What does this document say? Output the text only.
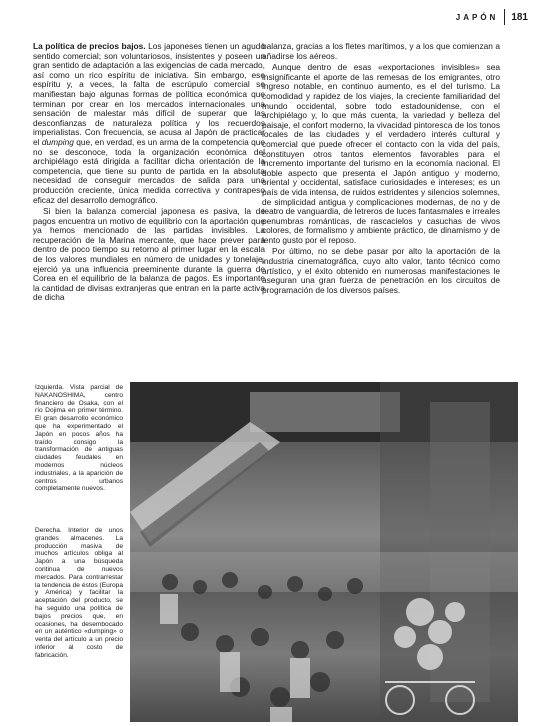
JAPÓN 181

La política de precios bajos. Los japoneses tienen un agudo sentido comercial; son voluntariosos, insistentes y poseen un gran sentido de adaptación a las exigencias de cada mercado, así como un rico espíritu de iniciativa. Sin embargo, ese espíritu y, a veces, la falta de escrúpulo comercial se manifiestan bajo algunas formas de política económica que terminan por crear en los mercados internacionales una sensación de malestar más difícil de superar que las desconfianzas de naturaleza política y los recuerdos imperialistas. Con frecuencia, se acusa al Japón de practicar el dumping que, en verdad, es un arma de la competencia que no se desconoce, toda la organización económica del archipiélago está dirigida a facilitar dicha orientación de la competencia, que tiene su punto de partida en la absoluta necesidad de conseguir mercados de salida para una producción creciente, única medida correctiva y contrapeso eficaz del desarrollo demográfico.

Si bien la balanza comercial japonesa es pasiva, la de pagos encuentra un motivo de equilibrio con la aportación que ya hemos mencionado de las partidas invisibles. La recuperación de la Marina mercante, que hace prever para dentro de poco tiempo su retorno al primer lugar en la escala de los valores mundiales en número de unidades y tonelaje, ejerció ya una influencia preeminente durante la guerra de Corea en el equilibrio de la balanza de pagos. Es importante la cantidad de divisas extranjeras que entran en la parte activa de dicha

balanza, gracias a los fletes marítimos, y a los que comienzan a añadirse los aéreos.

Aunque dentro de esas «exportaciones invisibles» sea insignificante el aporte de las remesas de los emigrantes, otro ingreso notable, en continuo aumento, es el del turismo. La comodidad y rapidez de los viajes, la creciente familiaridad del mundo occidental, sobre todo estadounidense, con el archipiélago y, lo que más cuenta, la variedad y belleza del paisaje, el confort moderno, la vivacidad pintoresca de los tonos locales de las ciudades y el verdadero interés cultural y comercial que puede ofrecer el contacto con la vida del país, constituyen otros tantos elementos favorables para el incremento importante del turismo en la economía nacional. El doble aspecto que presenta el Japón antiguo y moderno, oriental y occidental, satisface curiosidades e intereses; es un país de vida intensa, de ruidos estridentes y silencios solemnes, de simplicidad antigua y complicaciones modernas, de no y de teatro de vanguardia, de letreros de luces fantasmales e irreales penumbras románticas, de rascacielos y casuchas de vivos colores, de formalismo y ambiente práctico, de dinamismo y de lento gusto por el reposo.

Por último, no se debe pasar por alto la aportación de la industria cinematográfica, cuyo alto valor, tanto técnico como artístico, y el éxito obtenido en numerosas manifestaciones le aseguran una gran fuerza de penetración en los circuitos de programación de los diversos países.

Izquierda. Vista parcial de NAKANOSHIMA, centro financiero de Osaka, con el río Dojima en primer término. El gran desarrollo económico que ha experimentado el Japón en pocos años ha traído consigo la transformación de antiguas ciudades feudales en modernos núcleos industriales, a la aparición de centros urbanos completamente nuevos.
Derecha. Interior de unos grandes almacenes. La producción masiva de muchos artículos obliga al Japón a una búsqueda continua de nuevos mercados. Para contrarrestar la tendencia de éstos (Europa y América) y facilitar la aceptación del producto, se ha seguido una política de bajos precios que, en ocasiones, ha desembocado en un auténtico «dumping» o venta del artículo a un precio inferior al costo de fabricación.
